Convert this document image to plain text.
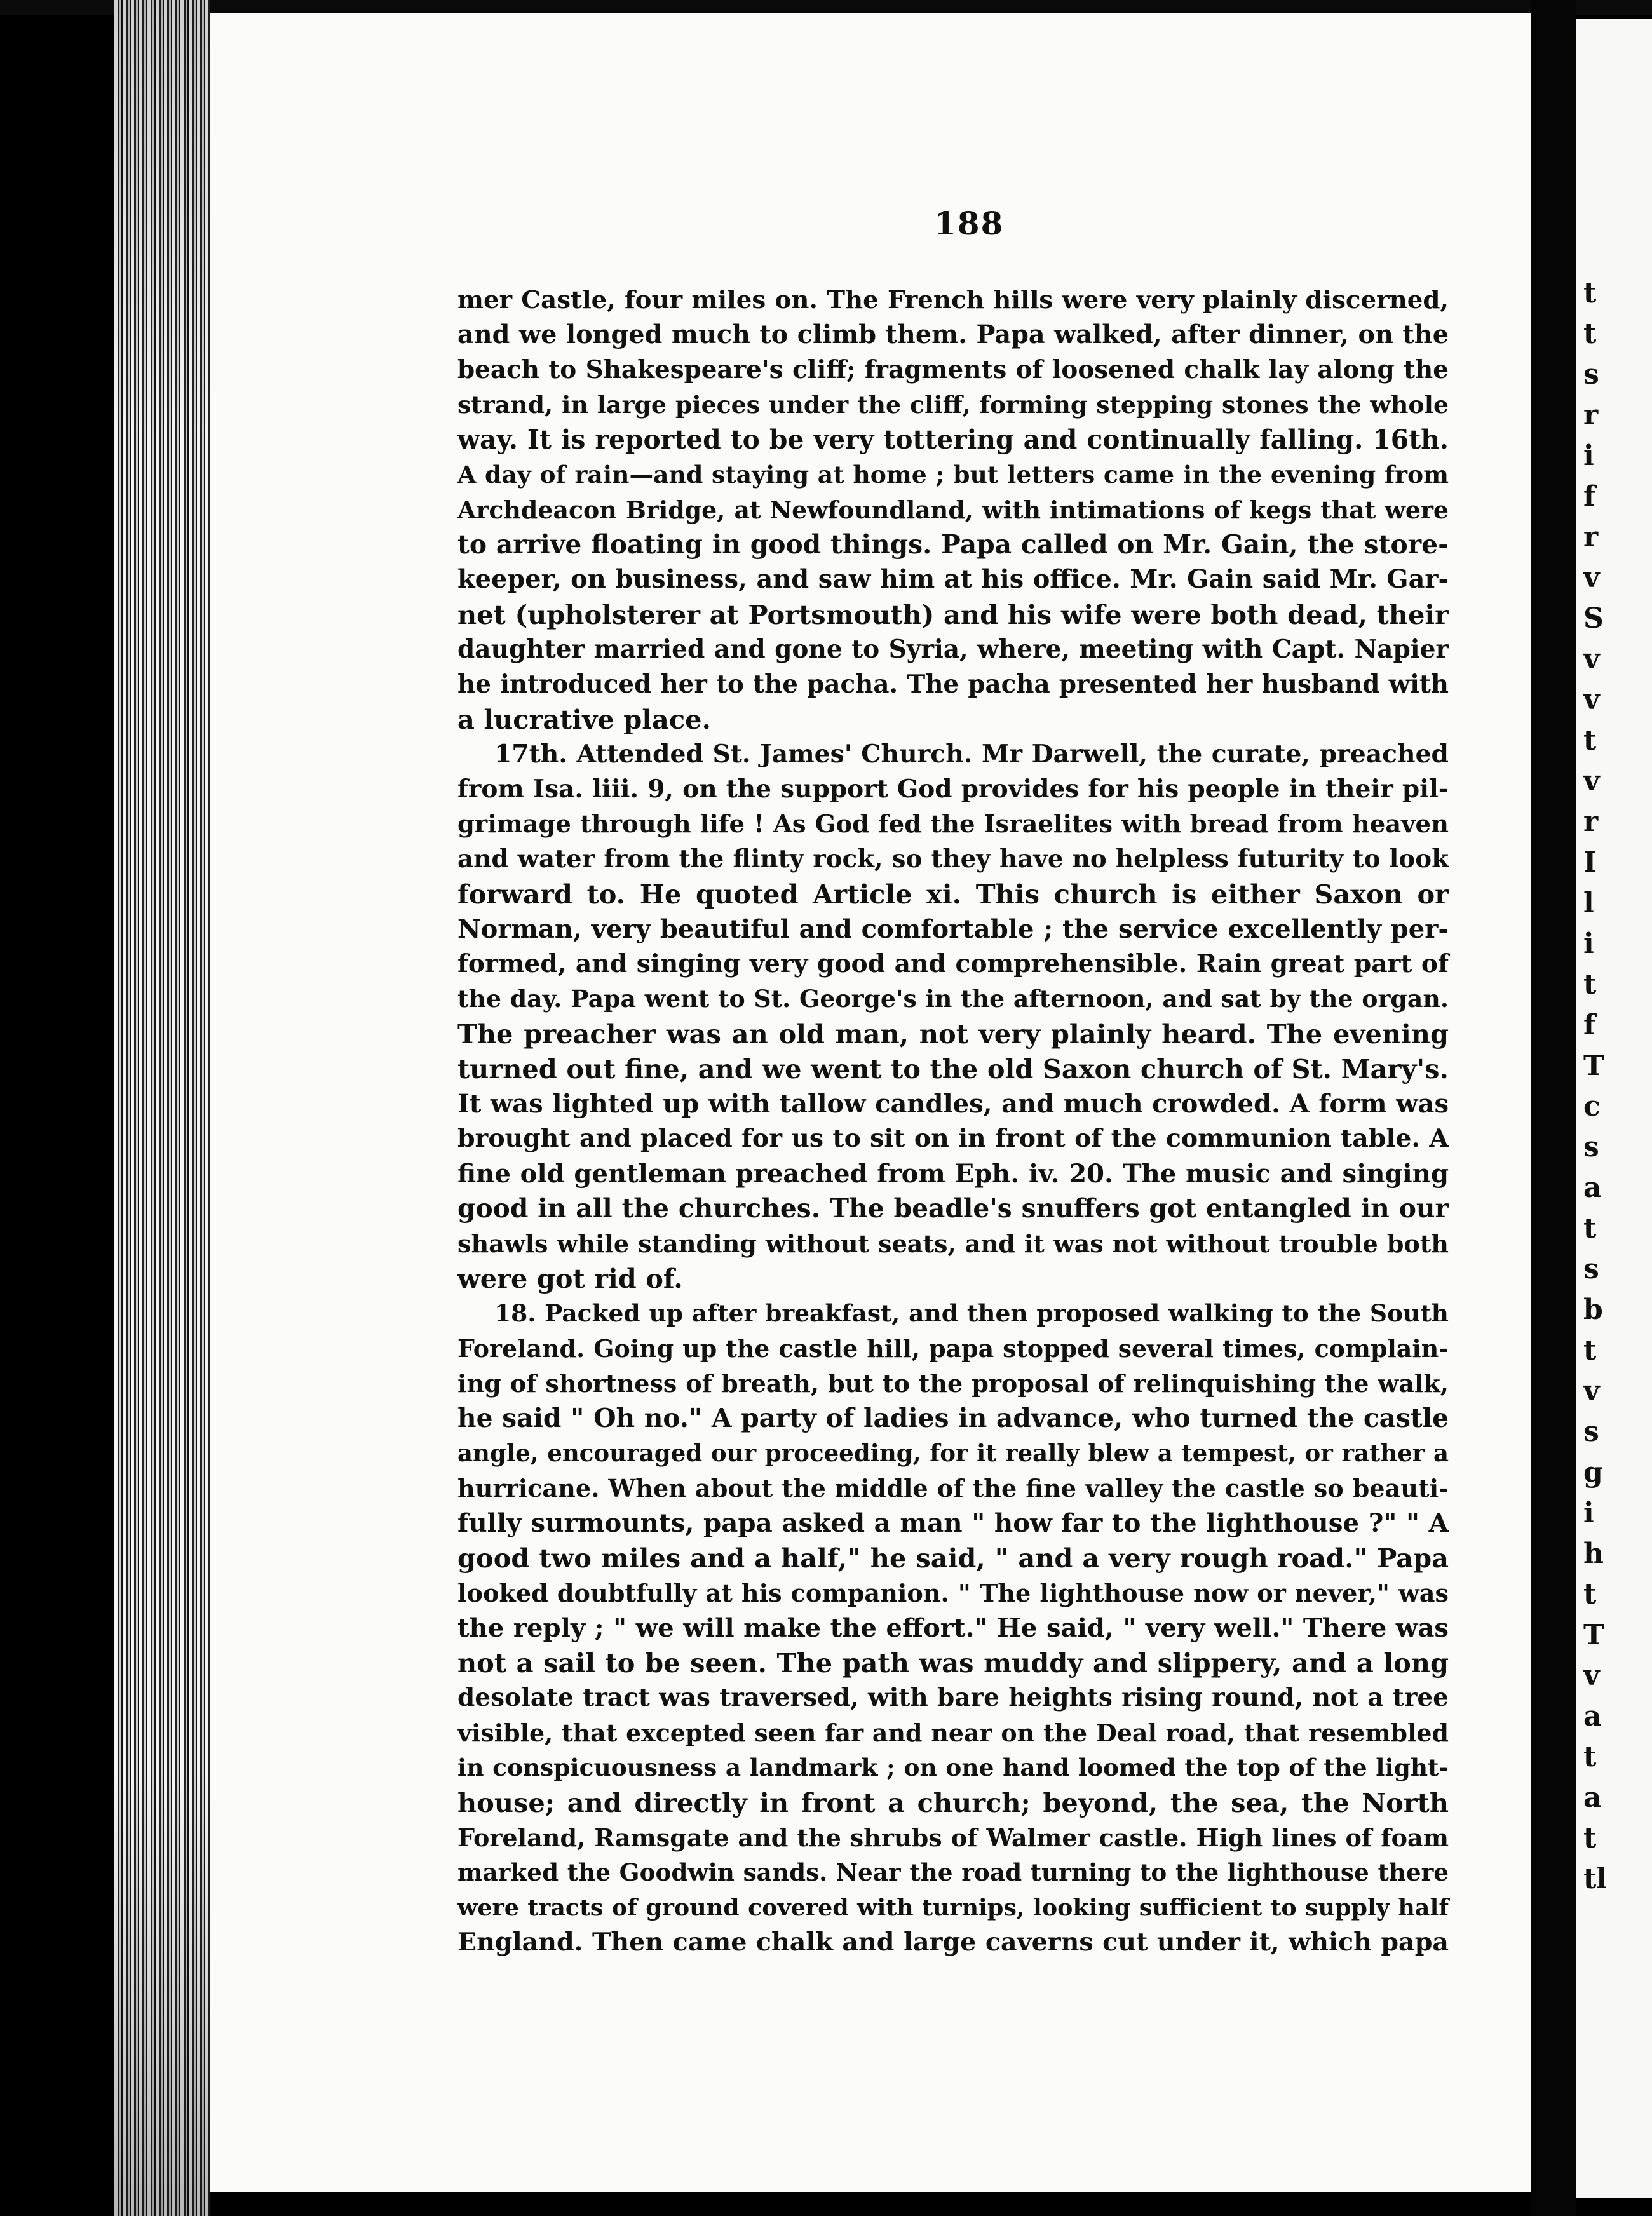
188
mer Castle, four miles on. The French hills were very plainly discerned,
and we longed much to climb them. Papa walked, after dinner, on the
beach to Shakespeare's cliff; fragments of loosened chalk lay along the
strand, in large pieces under the cliff, forming stepping stones the whole
way. It is reported to be very tottering and continually falling. 16th.
A day of rain—and staying at home ; but letters came in the evening from
Archdeacon Bridge, at Newfoundland, with intimations of kegs that were
to arrive floating in good things. Papa called on Mr. Gain, the store-
keeper, on business, and saw him at his office. Mr. Gain said Mr. Gar-
net (upholsterer at Portsmouth) and his wife were both dead, their
daughter married and gone to Syria, where, meeting with Capt. Napier
he introduced her to the pacha. The pacha presented her husband with
a lucrative place.
17th. Attended St. James' Church. Mr Darwell, the curate, preached
from Isa. liii. 9, on the support God provides for his people in their pil-
grimage through life ! As God fed the Israelites with bread from heaven
and water from the flinty rock, so they have no helpless futurity to look
forward to. He quoted Article xi. This church is either Saxon or
Norman, very beautiful and comfortable ; the service excellently per-
formed, and singing very good and comprehensible. Rain great part of
the day. Papa went to St. George's in the afternoon, and sat by the organ.
The preacher was an old man, not very plainly heard. The evening
turned out fine, and we went to the old Saxon church of St. Mary's.
It was lighted up with tallow candles, and much crowded. A form was
brought and placed for us to sit on in front of the communion table. A
fine old gentleman preached from Eph. iv. 20. The music and singing
good in all the churches. The beadle's snuffers got entangled in our
shawls while standing without seats, and it was not without trouble both
were got rid of.
18. Packed up after breakfast, and then proposed walking to the South
Foreland. Going up the castle hill, papa stopped several times, complain-
ing of shortness of breath, but to the proposal of relinquishing the walk,
he said " Oh no." A party of ladies in advance, who turned the castle
angle, encouraged our proceeding, for it really blew a tempest, or rather a
hurricane. When about the middle of the fine valley the castle so beauti-
fully surmounts, papa asked a man " how far to the lighthouse ?" " A
good two miles and a half," he said, " and a very rough road." Papa
looked doubtfully at his companion. " The lighthouse now or never," was
the reply ; " we will make the effort." He said, " very well." There was
not a sail to be seen. The path was muddy and slippery, and a long
desolate tract was traversed, with bare heights rising round, not a tree
visible, that excepted seen far and near on the Deal road, that resembled
in conspicuousness a landmark ; on one hand loomed the top of the light-
house; and directly in front a church; beyond, the sea, the North
Foreland, Ramsgate and the shrubs of Walmer castle. High lines of foam
marked the Goodwin sands. Near the road turning to the lighthouse there
were tracts of ground covered with turnips, looking sufficient to supply half
England. Then came chalk and large caverns cut under it, which papa
t
t
s
r
i
f
r
v
S
v
v
t
v
r
I
l
i
t
f
T
c
s
a
t
s
b
t
v
s
g
i
h
t
T
v
a
t
a
t
tl
